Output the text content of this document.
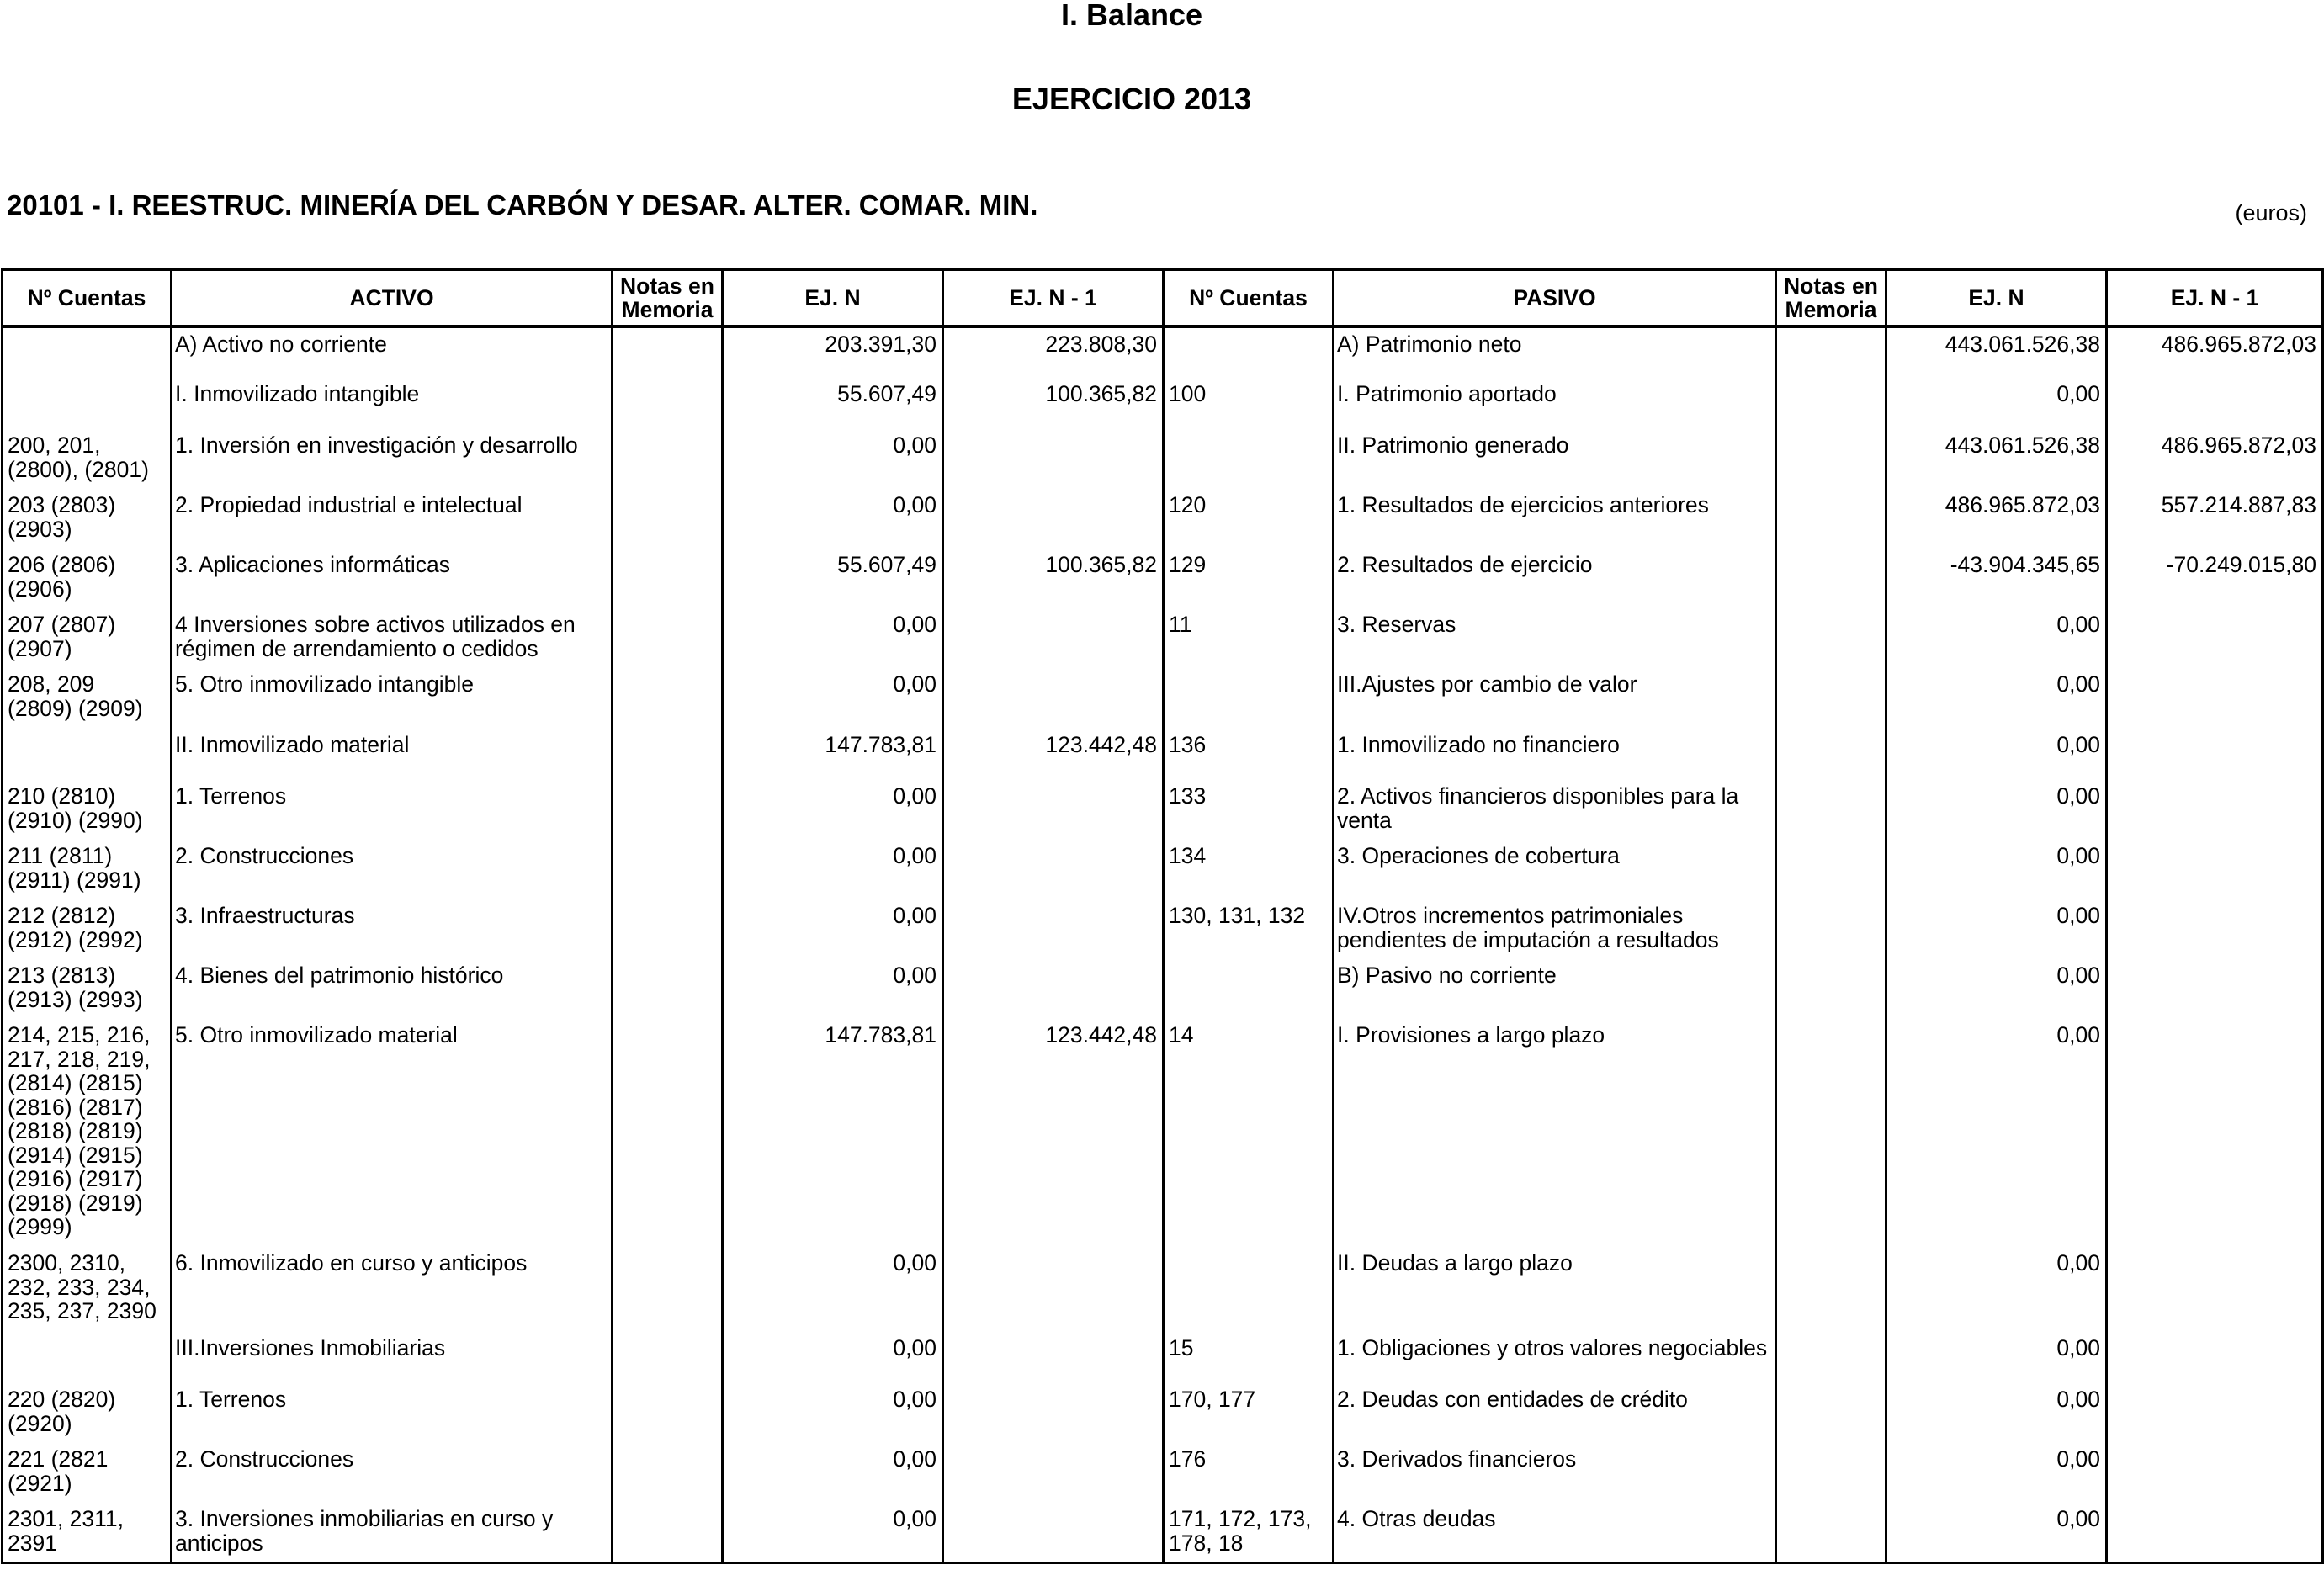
I. Balance
EJERCICIO 2013
20101 - I. REESTRUC. MINERÍA DEL CARBÓN Y DESAR. ALTER. COMAR. MIN.	(euros)
Nº Cuentas	ACTIVO	Notas en Memoria	EJ. N	EJ. N - 1	Nº Cuentas	PASIVO	Notas en Memoria	EJ. N	EJ. N - 1
	A) Activo no corriente		203.391,30	223.808,30		A) Patrimonio neto		443.061.526,38	486.965.872,03
	I. Inmovilizado intangible		55.607,49	100.365,82	100	I. Patrimonio aportado		0,00	
200, 201, (2800), (2801)	1. Inversión en investigación y desarrollo		0,00			II. Patrimonio generado		443.061.526,38	486.965.872,03
203 (2803) (2903)	2. Propiedad industrial e intelectual		0,00		120	1. Resultados de ejercicios anteriores		486.965.872,03	557.214.887,83
206 (2806) (2906)	3. Aplicaciones informáticas		55.607,49	100.365,82	129	2. Resultados de ejercicio		-43.904.345,65	-70.249.015,80
207 (2807) (2907)	4 Inversiones sobre activos utilizados en régimen de arrendamiento o cedidos		0,00		11	3. Reservas		0,00	
208, 209 (2809) (2909)	5. Otro inmovilizado intangible		0,00			III.Ajustes por cambio de valor		0,00	
	II. Inmovilizado material		147.783,81	123.442,48	136	1. Inmovilizado no financiero		0,00	
210 (2810) (2910) (2990)	1. Terrenos		0,00		133	2. Activos financieros disponibles para la venta		0,00	
211 (2811) (2911) (2991)	2. Construcciones		0,00		134	3. Operaciones de cobertura		0,00	
212 (2812) (2912) (2992)	3. Infraestructuras		0,00		130, 131, 132	IV.Otros incrementos patrimoniales pendientes de imputación a resultados		0,00	
213 (2813) (2913) (2993)	4. Bienes del patrimonio histórico		0,00			B) Pasivo no corriente		0,00	
214, 215, 216, 217, 218, 219, (2814) (2815) (2816) (2817) (2818) (2819) (2914) (2915) (2916) (2917) (2918) (2919) (2999)	5. Otro inmovilizado material		147.783,81	123.442,48	14	I. Provisiones a largo plazo		0,00	
2300, 2310, 232, 233, 234, 235, 237, 2390	6. Inmovilizado en curso y anticipos		0,00			II. Deudas a largo plazo		0,00	
	III.Inversiones Inmobiliarias		0,00		15	1. Obligaciones y otros valores negociables		0,00	
220 (2820) (2920)	1. Terrenos		0,00		170, 177	2. Deudas con entidades de crédito		0,00	
221 (2821 (2921)	2. Construcciones		0,00		176	3. Derivados financieros		0,00	
2301, 2311, 2391	3. Inversiones inmobiliarias en curso y anticipos		0,00		171, 172, 173, 178, 18	4. Otras deudas		0,00	
